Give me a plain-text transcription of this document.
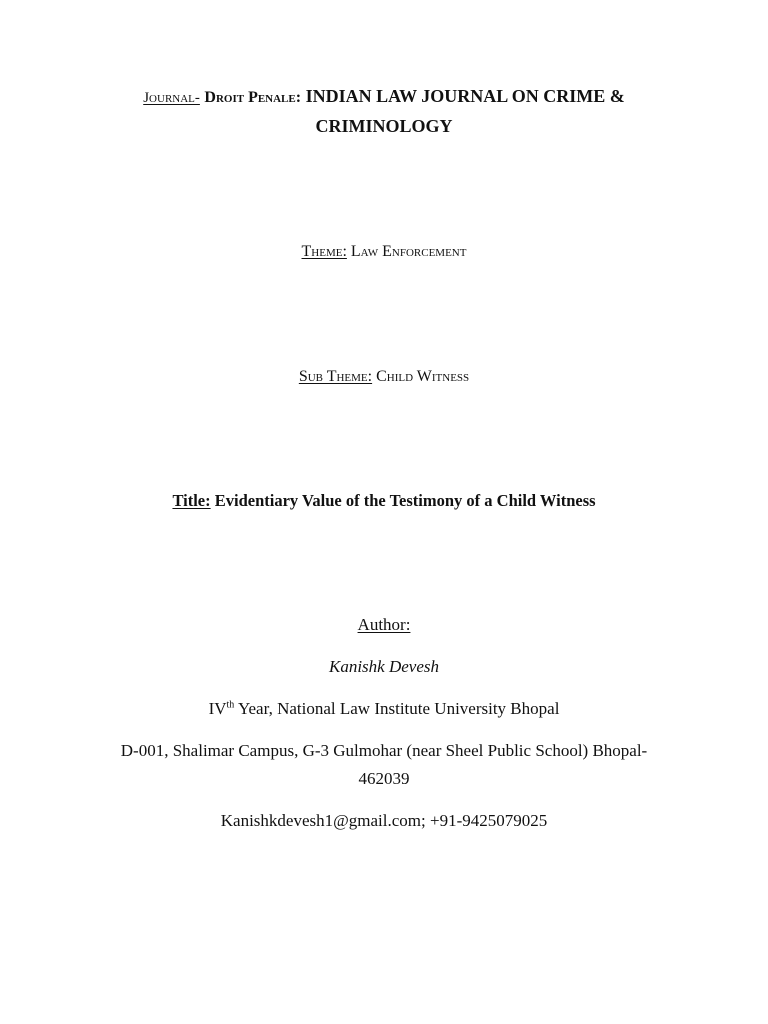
Journal- Droit Penale: INDIAN LAW JOURNAL ON CRIME &
CRIMINOLOGY
Theme: Law Enforcement
Sub Theme: Child Witness
Title: Evidentiary Value of the Testimony of a Child Witness
Author:
Kanishk Devesh
IVth Year, National Law Institute University Bhopal
D-001, Shalimar Campus, G-3 Gulmohar (near Sheel Public School) Bhopal-
462039
Kanishkdevesh1@gmail.com; +91-9425079025
